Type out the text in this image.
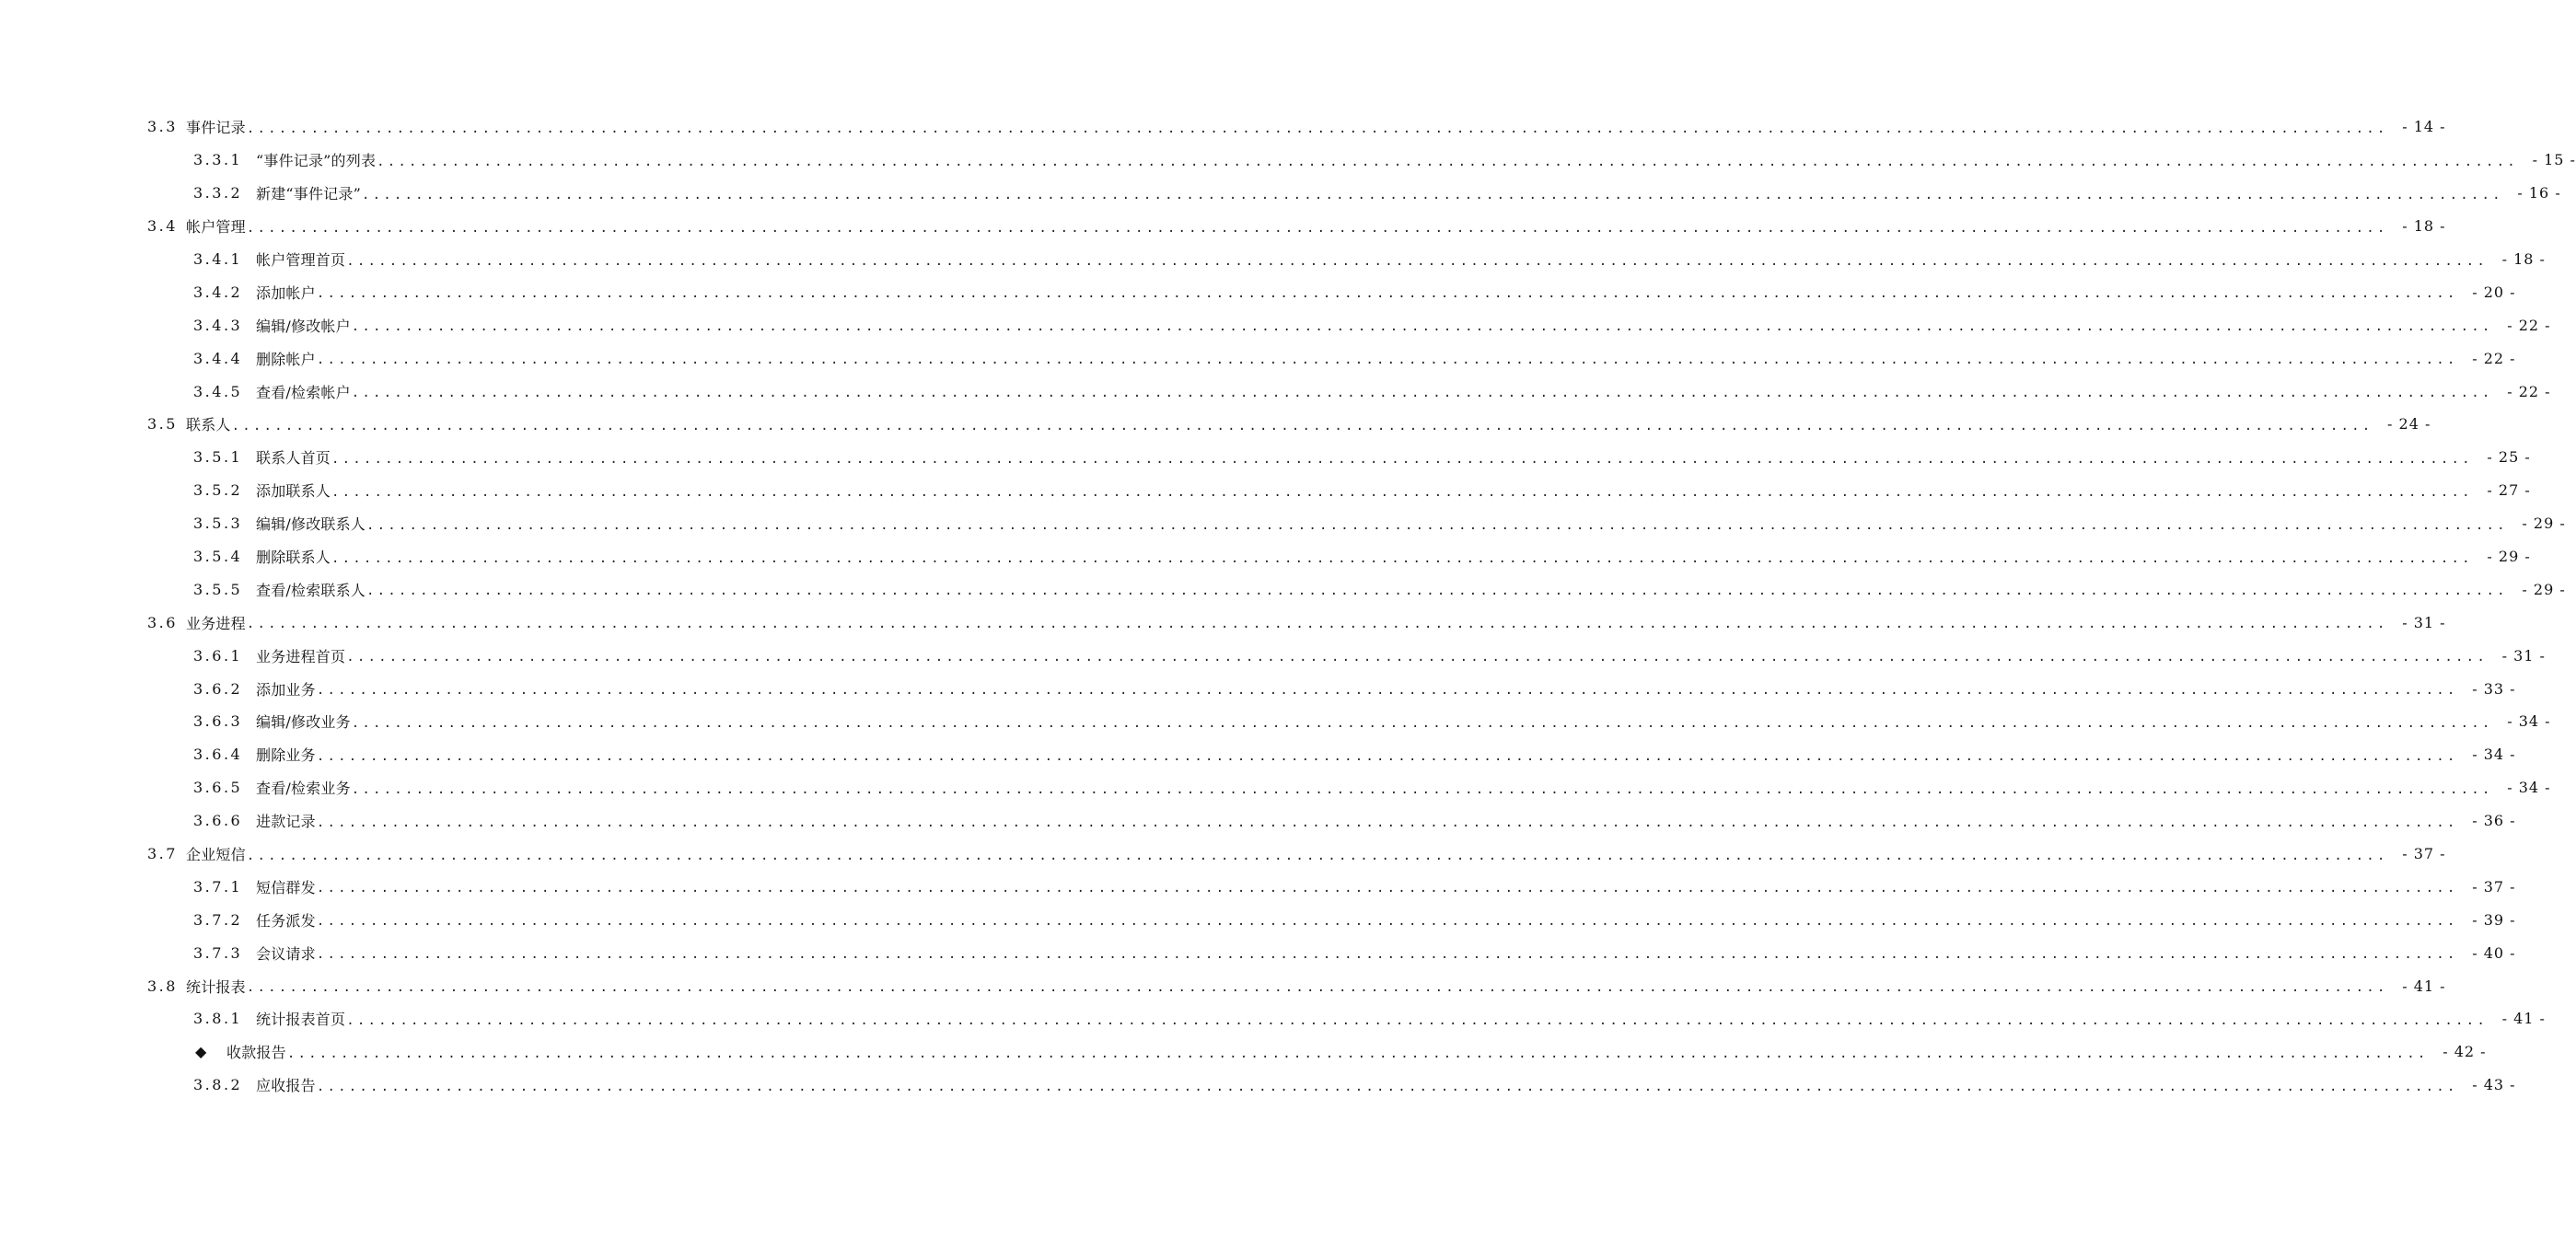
3.3 事件记录 ........................................................................................................................................................................................................ - 14 -
3.3.1 “事件记录”的列表 ........................................................................................................................................................................................................ - 15 -
3.3.2 新建“事件记录” ........................................................................................................................................................................................................ - 16 -
3.4 帐户管理 ........................................................................................................................................................................................................ - 18 -
3.4.1 帐户管理首页 ........................................................................................................................................................................................................ - 18 -
3.4.2 添加帐户 ........................................................................................................................................................................................................ - 20 -
3.4.3 编辑/修改帐户 ........................................................................................................................................................................................................ - 22 -
3.4.4 删除帐户 ........................................................................................................................................................................................................ - 22 -
3.4.5 查看/检索帐户 ........................................................................................................................................................................................................ - 22 -
3.5 联系人 ........................................................................................................................................................................................................ - 24 -
3.5.1 联系人首页 ........................................................................................................................................................................................................ - 25 -
3.5.2 添加联系人 ........................................................................................................................................................................................................ - 27 -
3.5.3 编辑/修改联系人 ........................................................................................................................................................................................................ - 29 -
3.5.4 删除联系人 ........................................................................................................................................................................................................ - 29 -
3.5.5 查看/检索联系人 ........................................................................................................................................................................................................ - 29 -
3.6 业务进程 ........................................................................................................................................................................................................ - 31 -
3.6.1 业务进程首页 ........................................................................................................................................................................................................ - 31 -
3.6.2 添加业务 ........................................................................................................................................................................................................ - 33 -
3.6.3 编辑/修改业务 ........................................................................................................................................................................................................ - 34 -
3.6.4 删除业务 ........................................................................................................................................................................................................ - 34 -
3.6.5 查看/检索业务 ........................................................................................................................................................................................................ - 34 -
3.6.6 进款记录 ........................................................................................................................................................................................................ - 36 -
3.7 企业短信 ........................................................................................................................................................................................................ - 37 -
3.7.1 短信群发 ........................................................................................................................................................................................................ - 37 -
3.7.2 任务派发 ........................................................................................................................................................................................................ - 39 -
3.7.3 会议请求 ........................................................................................................................................................................................................ - 40 -
3.8 统计报表 ........................................................................................................................................................................................................ - 41 -
3.8.1 统计报表首页 ........................................................................................................................................................................................................ - 41 -
◆	收款报告 ........................................................................................................................................................................................................ - 42 -
3.8.2 应收报告 ........................................................................................................................................................................................................ - 43 -
